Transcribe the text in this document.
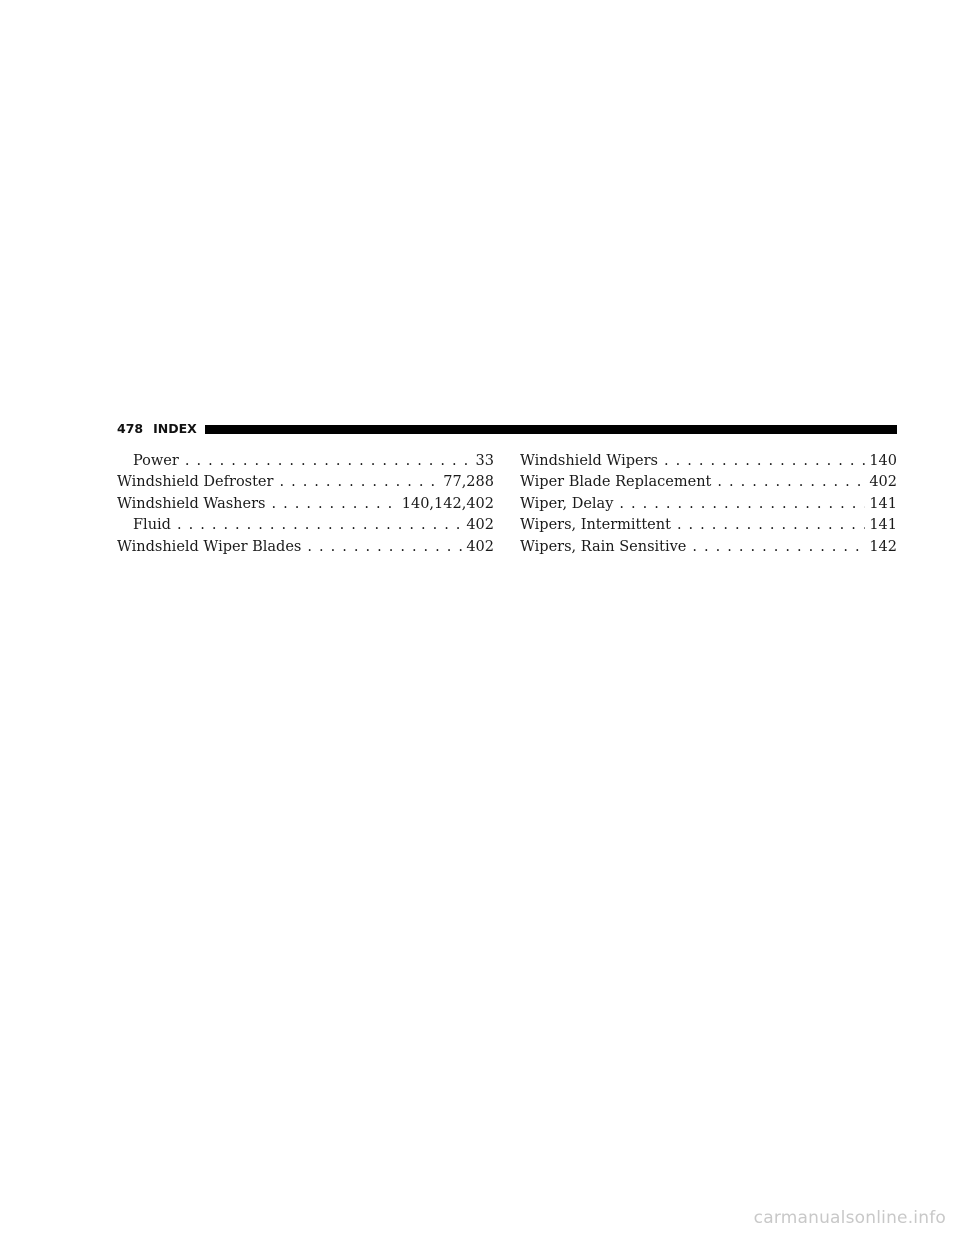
478 INDEX
Power . . .	33
Windshield Defroster . . .	77,288
Windshield Washers . . .	140,142,402
Fluid . . .	402
Windshield Wiper Blades . . .	402
Windshield Wipers . . .	140
Wiper Blade Replacement . . .	402
Wiper, Delay . . .	141
Wipers, Intermittent . . .	141
Wipers, Rain Sensitive . . .	142
carmanualsonline.info
